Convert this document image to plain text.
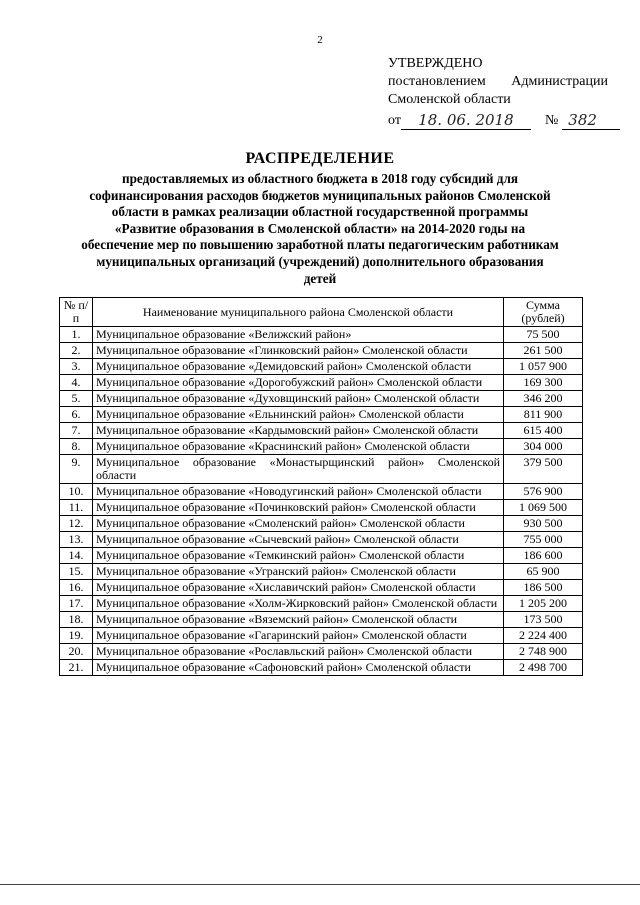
2
УТВЕРЖДЕНО
постановлением Администрации
Смоленской области
от	18. 06. 2018	№ 382
РАСПРЕДЕЛЕНИЕ
предоставляемых из областного бюджета в 2018 году субсидий для софинансирования расходов бюджетов муниципальных районов Смоленской области в рамках реализации областной государственной программы «Развитие образования в Смоленской области» на 2014-2020 годы на обеспечение мер по повышению заработной платы педагогическим работникам муниципальных организаций (учреждений) дополнительного образования детей
№ п/п	Наименование муниципального района Смоленской области	Сумма (рублей)
1.	Муниципальное образование «Велижский район»	75 500
2.	Муниципальное образование «Глинковский район» Смоленской области	261 500
3.	Муниципальное образование «Демидовский район» Смоленской области	1 057 900
4.	Муниципальное образование «Дорогобужский район» Смоленской области	169 300
5.	Муниципальное образование «Духовщинский район» Смоленской области	346 200
6.	Муниципальное образование «Ельнинский район» Смоленской области	811 900
7.	Муниципальное образование «Кардымовский район» Смоленской области	615 400
8.	Муниципальное образование «Краснинский район» Смоленской области	304 000
9.	Муниципальное образование «Монастырщинский район» Смоленской области	379 500
10.	Муниципальное образование «Новодугинский район» Смоленской области	576 900
11.	Муниципальное образование «Починковский район» Смоленской области	1 069 500
12.	Муниципальное образование «Смоленский район» Смоленской области	930 500
13.	Муниципальное образование «Сычевский район» Смоленской области	755 000
14.	Муниципальное образование «Темкинский район» Смоленской области	186 600
15.	Муниципальное образование «Угранский район» Смоленской области	65 900
16.	Муниципальное образование «Хиславичский район» Смоленской области	186 500
17.	Муниципальное образование «Холм-Жирковский район» Смоленской области	1 205 200
18.	Муниципальное образование «Вяземский район» Смоленской области	173 500
19.	Муниципальное образование «Гагаринский район» Смоленской области	2 224 400
20.	Муниципальное образование «Рославльский район» Смоленской области	2 748 900
21.	Муниципальное образование «Сафоновский район» Смоленской области	2 498 700
